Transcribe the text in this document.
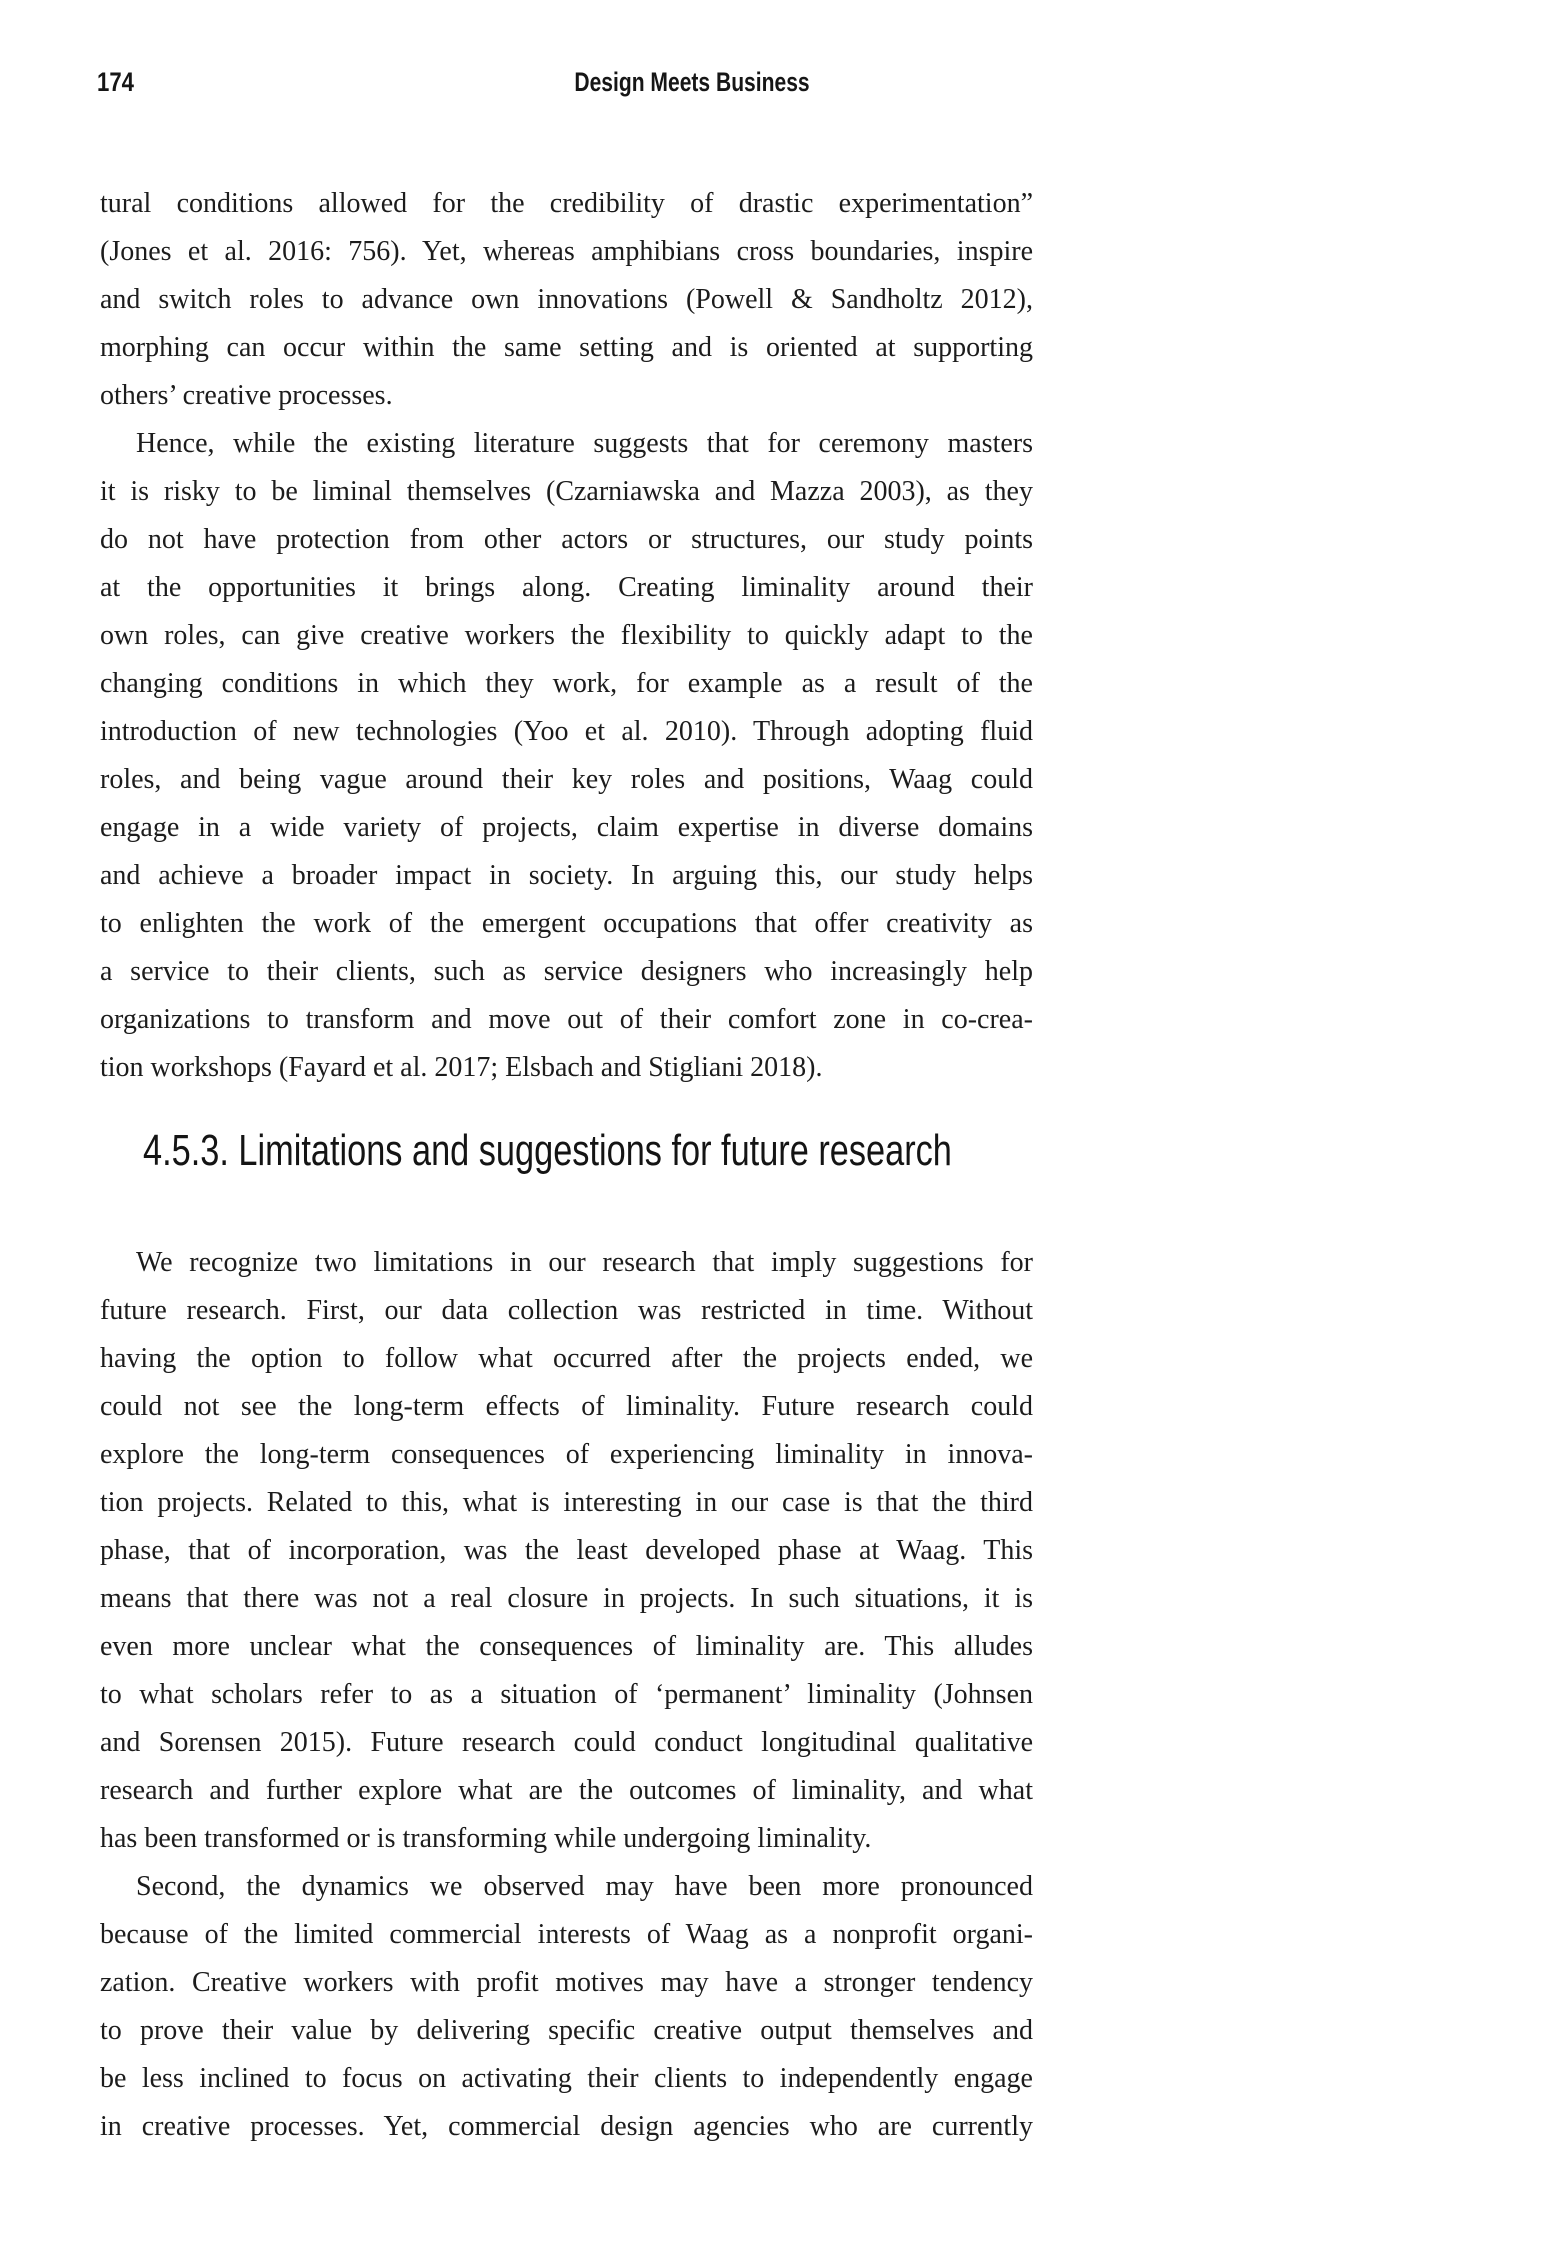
174	Design Meets Business
tural conditions allowed for the credibility of drastic experimentation”
(Jones et al. 2016: 756). Yet, whereas amphibians cross boundaries, inspire
and switch roles to advance own innovations (Powell & Sandholtz 2012),
morphing can occur within the same setting and is oriented at supporting
others’ creative processes.
Hence, while the existing literature suggests that for ceremony masters
it is risky to be liminal themselves (Czarniawska and Mazza 2003), as they
do not have protection from other actors or structures, our study points
at the opportunities it brings along. Creating liminality around their
own roles, can give creative workers the flexibility to quickly adapt to the
changing conditions in which they work, for example as a result of the
introduction of new technologies (Yoo et al. 2010). Through adopting fluid
roles, and being vague around their key roles and positions, Waag could
engage in a wide variety of projects, claim expertise in diverse domains
and achieve a broader impact in society. In arguing this, our study helps
to enlighten the work of the emergent occupations that offer creativity as
a service to their clients, such as service designers who increasingly help
organizations to transform and move out of their comfort zone in co-crea-
tion workshops (Fayard et al. 2017; Elsbach and Stigliani 2018).
4.5.3. Limitations and suggestions for future research
We recognize two limitations in our research that imply suggestions for
future research. First, our data collection was restricted in time. Without
having the option to follow what occurred after the projects ended, we
could not see the long-term effects of liminality. Future research could
explore the long-term consequences of experiencing liminality in innova-
tion projects. Related to this, what is interesting in our case is that the third
phase, that of incorporation, was the least developed phase at Waag. This
means that there was not a real closure in projects. In such situations, it is
even more unclear what the consequences of liminality are. This alludes
to what scholars refer to as a situation of ‘permanent’ liminality (Johnsen
and Sorensen 2015). Future research could conduct longitudinal qualitative
research and further explore what are the outcomes of liminality, and what
has been transformed or is transforming while undergoing liminality.
Second, the dynamics we observed may have been more pronounced
because of the limited commercial interests of Waag as a nonprofit organi-
zation. Creative workers with profit motives may have a stronger tendency
to prove their value by delivering specific creative output themselves and
be less inclined to focus on activating their clients to independently engage
in creative processes. Yet, commercial design agencies who are currently
